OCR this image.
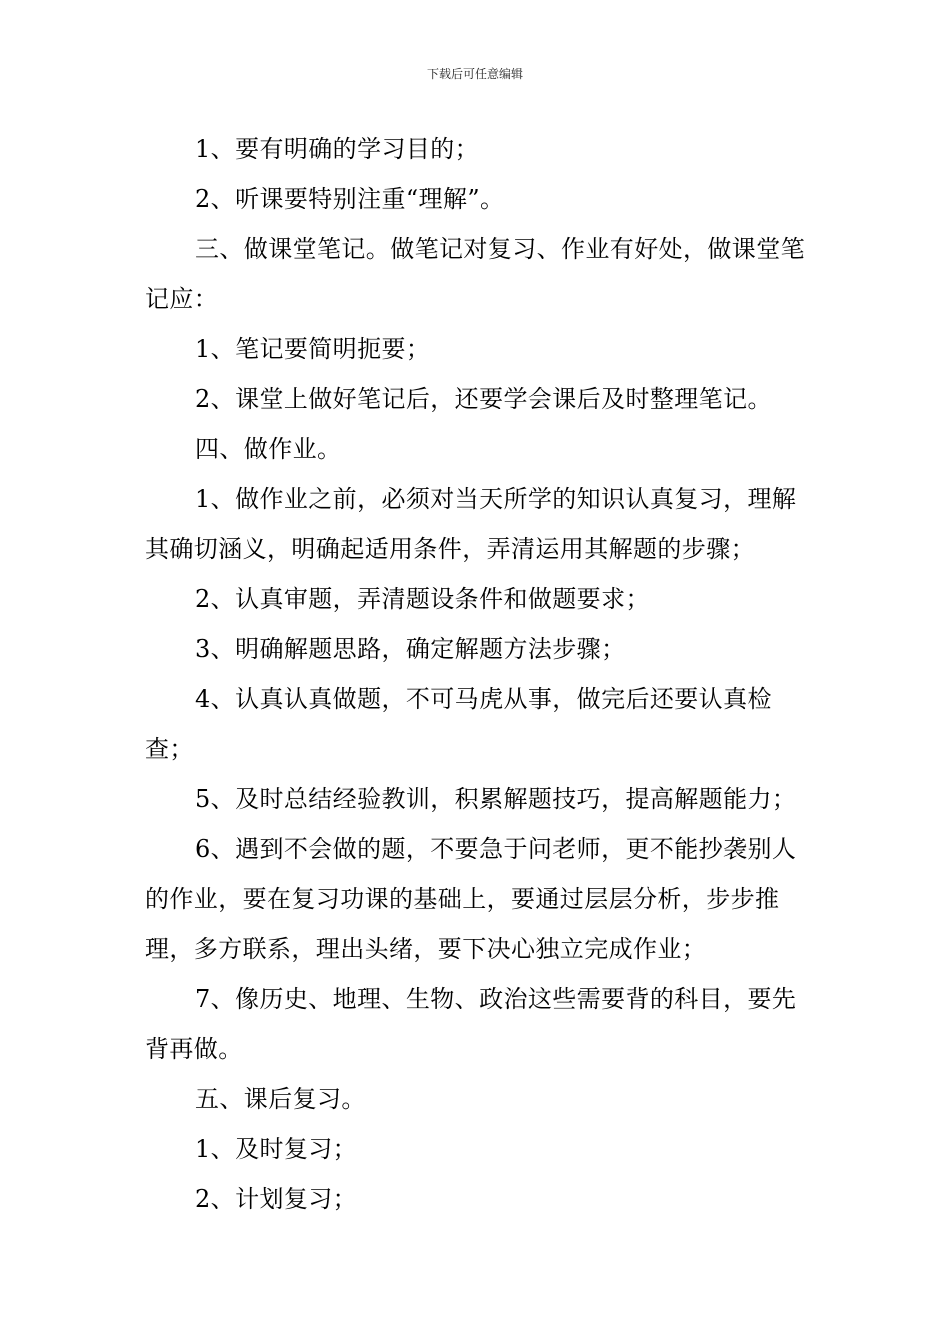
下载后可任意编辑

1、要有明确的学习目的；

2、听课要特别注重“理解”。

三、做课堂笔记。做笔记对复习、作业有好处，做课堂笔记应：

1、笔记要简明扼要；

2、课堂上做好笔记后，还要学会课后及时整理笔记。

四、做作业。

1、做作业之前，必须对当天所学的知识认真复习，理解其确切涵义，明确起适用条件，弄清运用其解题的步骤；

2、认真审题，弄清题设条件和做题要求；

3、明确解题思路，确定解题方法步骤；

4、认真认真做题，不可马虎从事，做完后还要认真检查；

5、及时总结经验教训，积累解题技巧，提高解题能力；

6、遇到不会做的题，不要急于问老师，更不能抄袭别人的作业，要在复习功课的基础上，要通过层层分析，步步推理，多方联系，理出头绪，要下决心独立完成作业；

7、像历史、地理、生物、政治这些需要背的科目，要先背再做。

五、课后复习。

1、及时复习；

2、计划复习；
